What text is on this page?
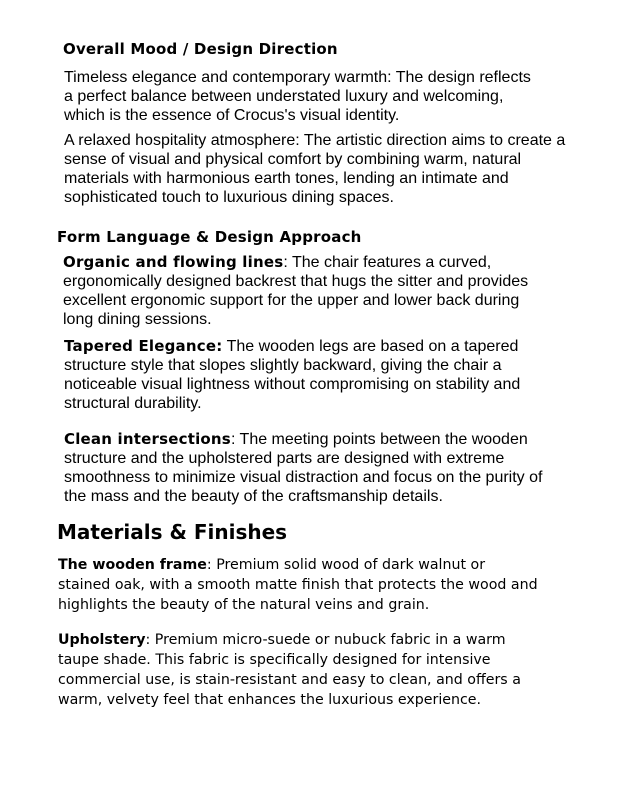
Overall Mood / Design Direction

Timeless elegance and contemporary warmth: The design reflects a perfect balance between understated luxury and welcoming, which is the essence of Crocus's visual identity.

A relaxed hospitality atmosphere: The artistic direction aims to create a sense of visual and physical comfort by combining warm, natural materials with harmonious earth tones, lending an intimate and sophisticated touch to luxurious dining spaces.

Form Language & Design Approach

Organic and flowing lines: The chair features a curved, ergonomically designed backrest that hugs the sitter and provides excellent ergonomic support for the upper and lower back during long dining sessions.

Tapered Elegance: The wooden legs are based on a tapered structure style that slopes slightly backward, giving the chair a noticeable visual lightness without compromising on stability and structural durability.

Clean intersections: The meeting points between the wooden structure and the upholstered parts are designed with extreme smoothness to minimize visual distraction and focus on the purity of the mass and the beauty of the craftsmanship details.

Materials & Finishes

The wooden frame: Premium solid wood of dark walnut or stained oak, with a smooth matte finish that protects the wood and highlights the beauty of the natural veins and grain.

Upholstery: Premium micro-suede or nubuck fabric in a warm taupe shade. This fabric is specifically designed for intensive commercial use, is stain-resistant and easy to clean, and offers a warm, velvety feel that enhances the luxurious experience.
